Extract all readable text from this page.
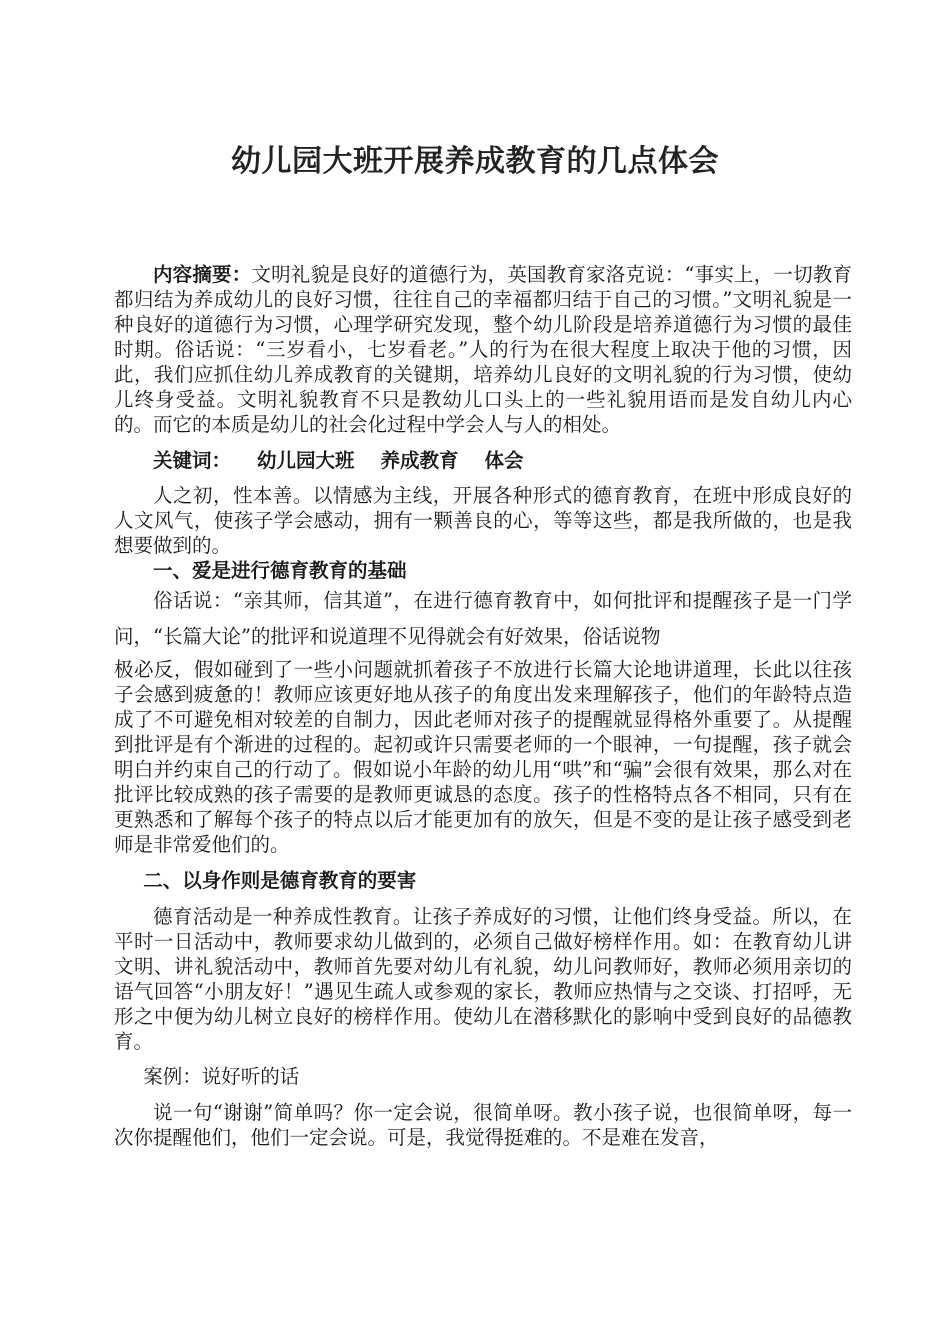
幼儿园大班开展养成教育的几点体会

内容摘要：文明礼貌是良好的道德行为，英国教育家洛克说：“事实上，一切教育都归结为养成幼儿的良好习惯，往往自己的幸福都归结于自己的习惯。”文明礼貌是一种良好的道德行为习惯，心理学研究发现，整个幼儿阶段是培养道德行为习惯的最佳时期。俗话说：“三岁看小，七岁看老。”人的行为在很大程度上取决于他的习惯，因此，我们应抓住幼儿养成教育的关键期，培养幼儿良好的文明礼貌的行为习惯，使幼儿终身受益。文明礼貌教育不只是教幼儿口头上的一些礼貌用语而是发自幼儿内心的。而它的本质是幼儿的社会化过程中学会人与人的相处。

关键词： 幼儿园大班 养成教育 体会

人之初，性本善。以情感为主线，开展各种形式的德育教育，在班中形成良好的人文风气，使孩子学会感动，拥有一颗善良的心，等等这些，都是我所做的，也是我想要做到的。

一、爱是进行德育教育的基础

俗话说：“亲其师，信其道”，在进行德育教育中，如何批评和提醒孩子是一门学问，“长篇大论”的批评和说道理不见得就会有好效果，俗话说物

极必反，假如碰到了一些小问题就抓着孩子不放进行长篇大论地讲道理，长此以往孩子会感到疲惫的！教师应该更好地从孩子的角度出发来理解孩子，他们的年龄特点造成了不可避免相对较差的自制力，因此老师对孩子的提醒就显得格外重要了。从提醒到批评是有个渐进的过程的。起初或许只需要老师的一个眼神，一句提醒，孩子就会明白并约束自己的行动了。假如说小年龄的幼儿用“哄”和“骗”会很有效果，那么对在批评比较成熟的孩子需要的是教师更诚恳的态度。孩子的性格特点各不相同，只有在更熟悉和了解每个孩子的特点以后才能更加有的放矢，但是不变的是让孩子感受到老师是非常爱他们的。

二、以身作则是德育教育的要害

德育活动是一种养成性教育。让孩子养成好的习惯，让他们终身受益。所以，在平时一日活动中，教师要求幼儿做到的，必须自己做好榜样作用。如：在教育幼儿讲文明、讲礼貌活动中，教师首先要对幼儿有礼貌，幼儿问教师好，教师必须用亲切的语气回答“小朋友好！”遇见生疏人或参观的家长，教师应热情与之交谈、打招呼，无形之中便为幼儿树立良好的榜样作用。使幼儿在潜移默化的影响中受到良好的品德教育。

案例：说好听的话

说一句“谢谢”简单吗？你一定会说，很简单呀。教小孩子说，也很简单呀，每一次你提醒他们，他们一定会说。可是，我觉得挺难的。不是难在发音，
